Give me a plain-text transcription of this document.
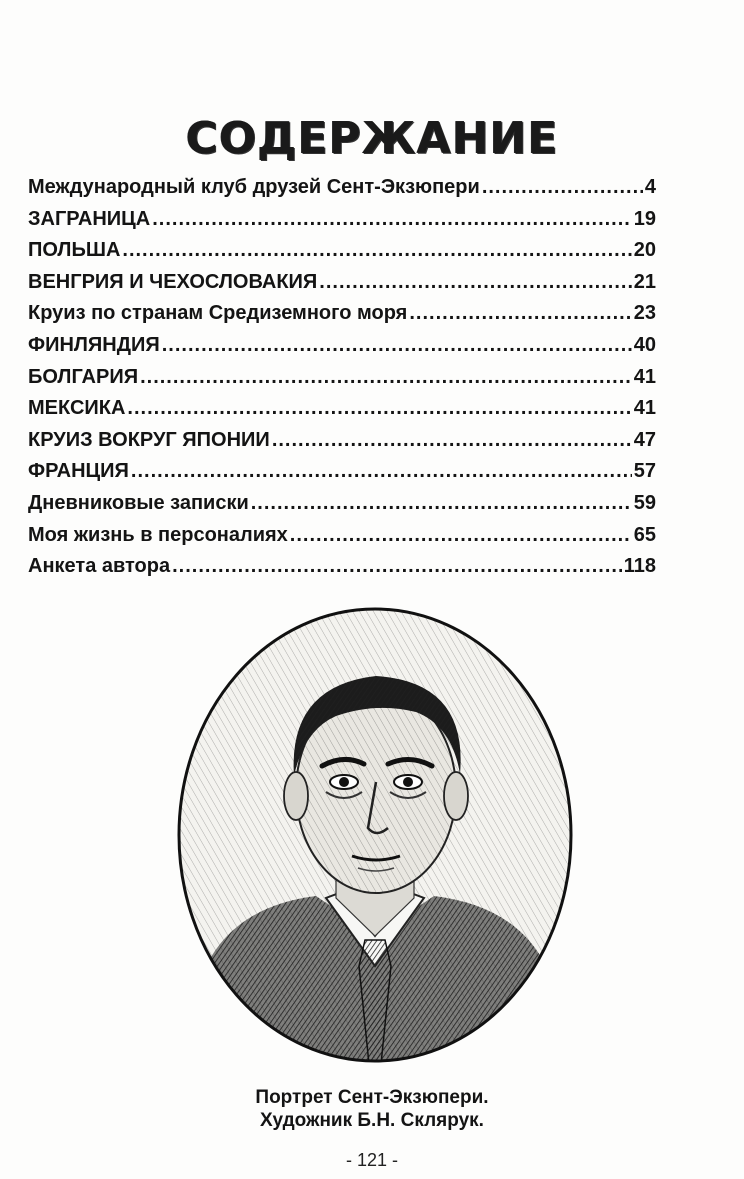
СОДЕРЖАНИЕ
Международный клуб друзей Сент-Экзюпери .....	4
ЗАГРАНИЦА .....	19
ПОЛЬША .....	20
ВЕНГРИЯ И ЧЕХОСЛОВАКИЯ .....	21
Круиз по странам Средиземного моря .....	23
ФИНЛЯНДИЯ .....	40
БОЛГАРИЯ .....	41
МЕКСИКА .....	41
КРУИЗ ВОКРУГ ЯПОНИИ .....	47
ФРАНЦИЯ .....	57
Дневниковые записки .....	59
Моя жизнь в персоналиях .....	65
Анкета автора .....	118
Портрет Сент-Экзюпери.
Художник Б.Н. Склярук.
- 121 -
